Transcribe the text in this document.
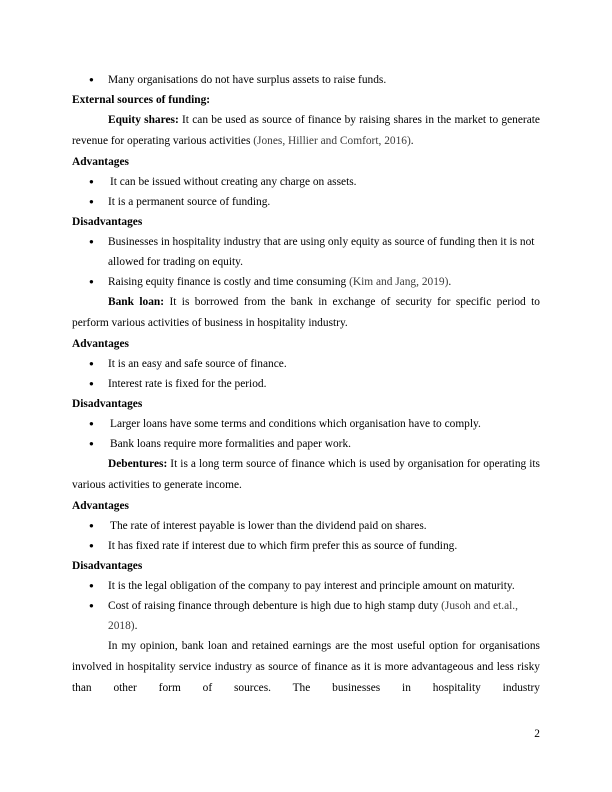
● Many organisations do not have surplus assets to raise funds.
External sources of funding:
Equity shares: It can be used as source of finance by raising shares in the market to generate revenue for operating various activities (Jones, Hillier and Comfort, 2016).
Advantages
● It can be issued without creating any charge on assets.
● It is a permanent source of funding.
Disadvantages
● Businesses in hospitality industry that are using only equity as source of funding then it is not allowed for trading on equity.
● Raising equity finance is costly and time consuming (Kim and Jang, 2019).
Bank loan: It is borrowed from the bank in exchange of security for specific period to perform various activities of business in hospitality industry.
Advantages
● It is an easy and safe source of finance.
● Interest rate is fixed for the period.
Disadvantages
● Larger loans have some terms and conditions which organisation have to comply.
● Bank loans require more formalities and paper work.
Debentures: It is a long term source of finance which is used by organisation for operating its various activities to generate income.
Advantages
● The rate of interest payable is lower than the dividend paid on shares.
● It has fixed rate if interest due to which firm prefer this as source of funding.
Disadvantages
● It is the legal obligation of the company to pay interest and principle amount on maturity.
● Cost of raising finance through debenture is high due to high stamp duty (Jusoh and et.al., 2018).
In my opinion, bank loan and retained earnings are the most useful option for organisations involved in hospitality service industry as source of finance as it is more advantageous and less risky than other form of sources. The businesses in hospitality industry
2
